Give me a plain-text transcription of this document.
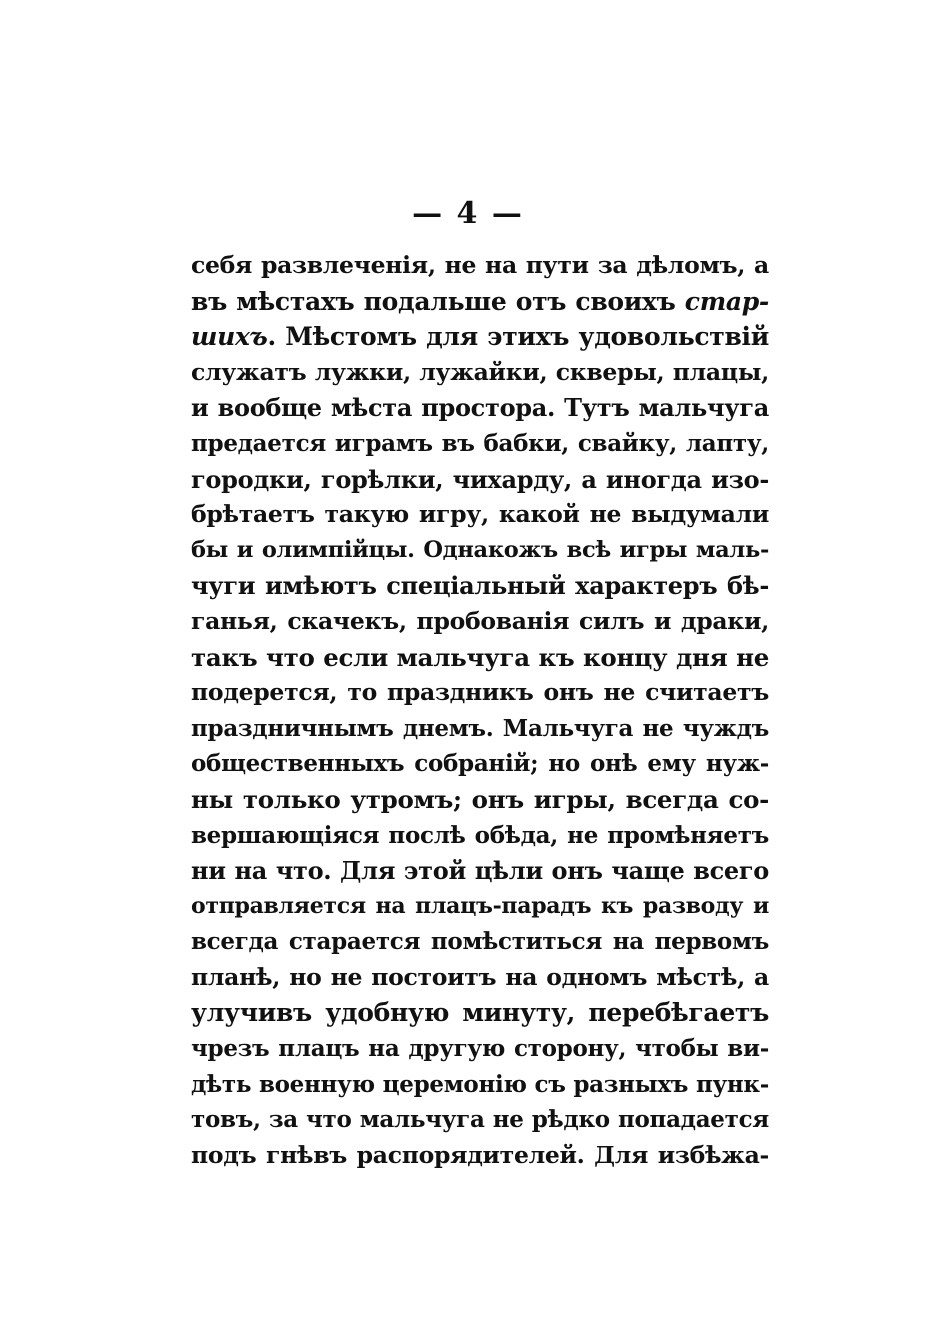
— 4 —
себя развлеченія, не на пути за дѣломъ, а
въ мѣстахъ подальше отъ своихъ стар-
шихъ. Мѣстомъ для этихъ удовольствій
служатъ лужки, лужайки, скверы, плацы,
и вообще мѣста простора. Тутъ мальчуга
предается играмъ въ бабки, свайку, лапту,
городки, горѣлки, чихарду, а иногда изо-
брѣтаетъ такую игру, какой не выдумали
бы и олимпійцы. Однакожъ всѣ игры маль-
чуги имѣютъ спеціальный характеръ бѣ-
ганья, скачекъ, пробованія силъ и драки,
такъ что если мальчуга къ концу дня не
подерется, то праздникъ онъ не считаетъ
праздничнымъ днемъ. Мальчуга не чуждъ
общественныхъ собраній; но онѣ ему нуж-
ны только утромъ; онъ игры, всегда со-
вершающіяся послѣ обѣда, не промѣняетъ
ни на что. Для этой цѣли онъ чаще всего
отправляется на плацъ-парадъ къ разводу и
всегда старается помѣститься на первомъ
планѣ, но не постоитъ на одномъ мѣстѣ, а
улучивъ удобную минуту, перебѣгаетъ
чрезъ плацъ на другую сторону, чтобы ви-
дѣть военную церемонію съ разныхъ пунк-
товъ, за что мальчуга не рѣдко попадается
подъ гнѣвъ распорядителей. Для избѣжа-
